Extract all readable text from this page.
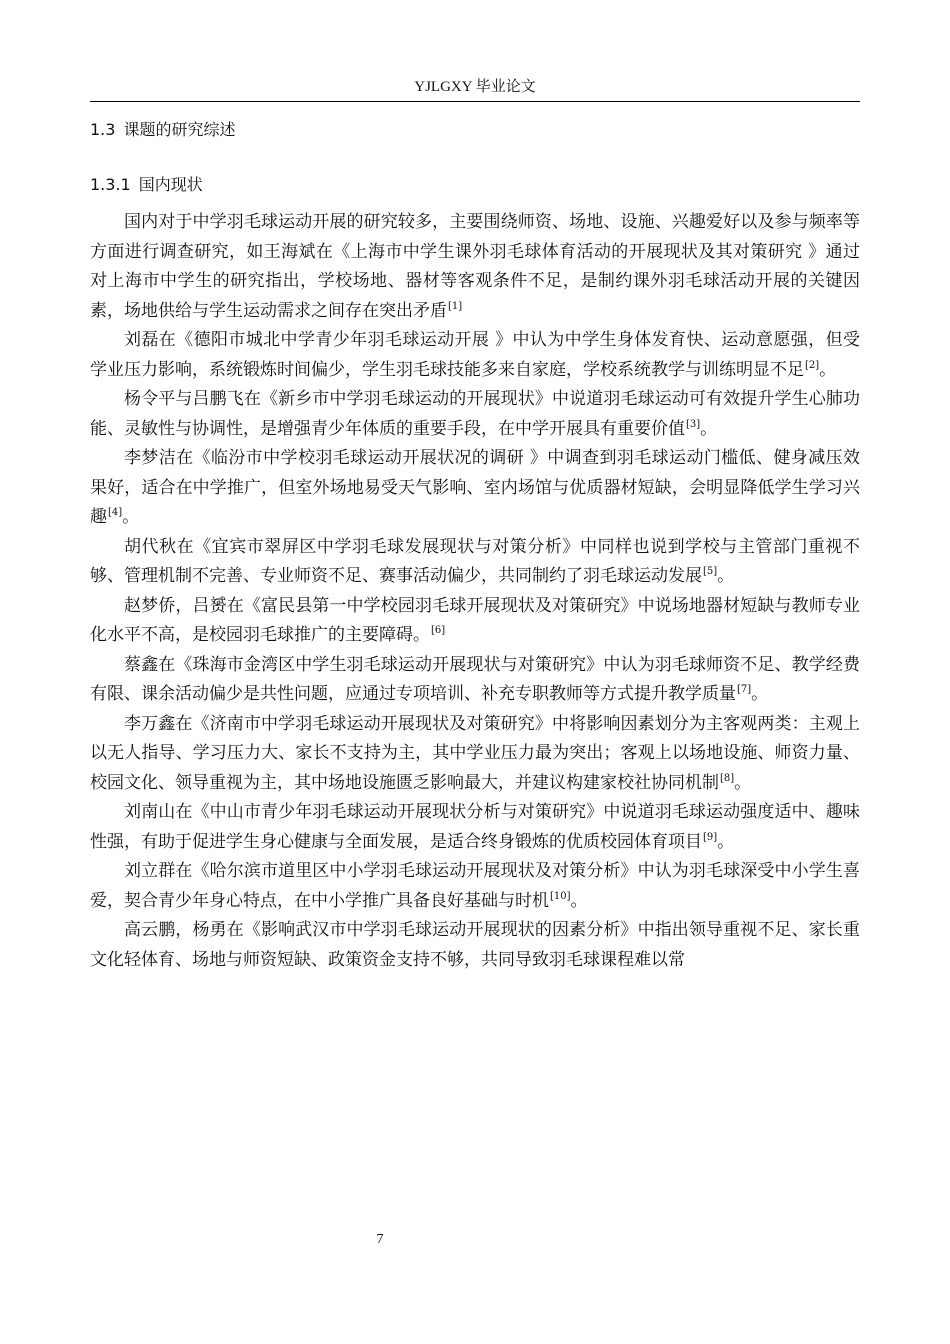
YJLGXY 毕业论文
1.3 课题的研究综述
1.3.1 国内现状

国内对于中学羽毛球运动开展的研究较多，主要围绕师资、场地、设施、兴趣爱好以及参与频率等方面进行调查研究，如王海斌在《上海市中学生课外羽毛球体育活动的开展现状及其对策研究 》通过对上海市中学生的研究指出，学校场地、器材等客观条件不足，是制约课外羽毛球活动开展的关键因素，场地供给与学生运动需求之间存在突出矛盾[1]

刘磊在《德阳市城北中学青少年羽毛球运动开展 》中认为中学生身体发育快、运动意愿强，但受学业压力影响，系统锻炼时间偏少，学生羽毛球技能多来自家庭，学校系统教学与训练明显不足[2]。

杨令平与吕鹏飞在《新乡市中学羽毛球运动的开展现状》中说道羽毛球运动可有效提升学生心肺功能、灵敏性与协调性，是增强青少年体质的重要手段，在中学开展具有重要价值[3]。

李梦洁在《临汾市中学校羽毛球运动开展状况的调研 》中调查到羽毛球运动门槛低、健身减压效果好，适合在中学推广，但室外场地易受天气影响、室内场馆与优质器材短缺，会明显降低学生学习兴趣[4]。

胡代秋在《宜宾市翠屏区中学羽毛球发展现状与对策分析》中同样也说到学校与主管部门重视不够、管理机制不完善、专业师资不足、赛事活动偏少，共同制约了羽毛球运动发展[5]。

赵梦侨，吕赟在《富民县第一中学校园羽毛球开展现状及对策研究》中说场地器材短缺与教师专业化水平不高，是校园羽毛球推广的主要障碍。[6]

蔡鑫在《珠海市金湾区中学生羽毛球运动开展现状与对策研究》中认为羽毛球师资不足、教学经费有限、课余活动偏少是共性问题，应通过专项培训、补充专职教师等方式提升教学质量[7]。

李万鑫在《济南市中学羽毛球运动开展现状及对策研究》中将影响因素划分为主客观两类：主观上以无人指导、学习压力大、家长不支持为主，其中学业压力最为突出；客观上以场地设施、师资力量、校园文化、领导重视为主，其中场地设施匮乏影响最大，并建议构建家校社协同机制[8]。

刘南山在《中山市青少年羽毛球运动开展现状分析与对策研究》中说道羽毛球运动强度适中、趣味性强，有助于促进学生身心健康与全面发展，是适合终身锻炼的优质校园体育项目[9]。

刘立群在《哈尔滨市道里区中小学羽毛球运动开展现状及对策分析》中认为羽毛球深受中小学生喜爱，契合青少年身心特点，在中小学推广具备良好基础与时机[10]。

高云鹏，杨勇在《影响武汉市中学羽毛球运动开展现状的因素分析》中指出领导重视不足、家长重文化轻体育、场地与师资短缺、政策资金支持不够，共同导致羽毛球课程难以常

7
